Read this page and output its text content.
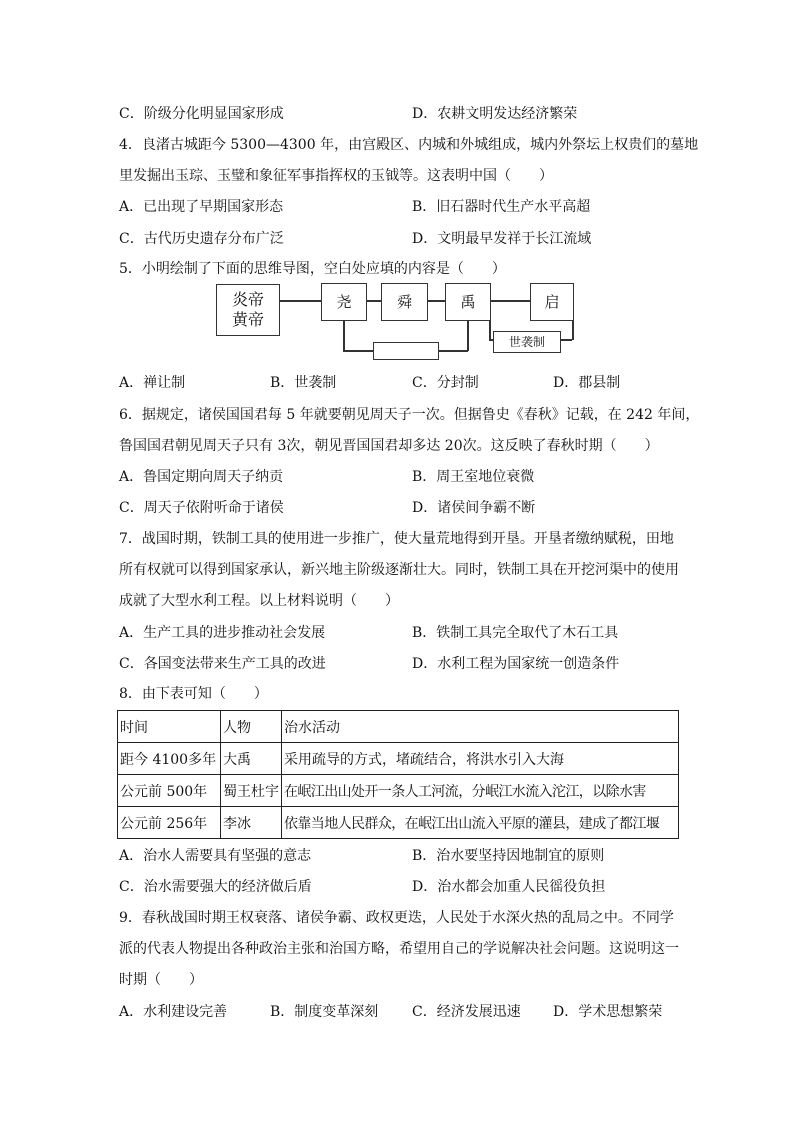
C．阶级分化明显国家形成	D．农耕文明发达经济繁荣
4．良渚古城距今 5300—4300 年，由宫殿区、内城和外城组成，城内外祭坛上权贵们的墓地
里发掘出玉琮、玉璧和象征军事指挥权的玉钺等。这表明中国（　　）
A．已出现了早期国家形态	B．旧石器时代生产水平高超
C．古代历史遗存分布广泛	D．文明最早发祥于长江流域
5．小明绘制了下面的思维导图，空白处应填的内容是（　　）
炎帝黄帝
尧	舜	禹	启
世袭制
A．禅让制	B．世袭制	C．分封制	D．郡县制
6．据规定，诸侯国国君每 5 年就要朝见周天子一次。但据鲁史《春秋》记载，在 242 年间，
鲁国国君朝见周天子只有 3次，朝见晋国国君却多达 20次。这反映了春秋时期（　　）
A．鲁国定期向周天子纳贡	B．周王室地位衰微
C．周天子依附听命于诸侯	D．诸侯间争霸不断
7．战国时期，铁制工具的使用进一步推广，使大量荒地得到开垦。开垦者缴纳赋税，田地
所有权就可以得到国家承认，新兴地主阶级逐渐壮大。同时，铁制工具在开挖河渠中的使用
成就了大型水利工程。以上材料说明（　　）
A．生产工具的进步推动社会发展	B．铁制工具完全取代了木石工具
C．各国变法带来生产工具的改进	D．水利工程为国家统一创造条件
8．由下表可知（　　）
时间	人物	治水活动
距今 4100多年	大禹	采用疏导的方式，堵疏结合，将洪水引入大海
公元前 500年	蜀王杜宇	在岷江出山处开一条人工河流，分岷江水流入沱江，以除水害
公元前 256年	李冰	依靠当地人民群众，在岷江出山流入平原的灌县，建成了都江堰
A．治水人需要具有坚强的意志	B．治水要坚持因地制宜的原则
C．治水需要强大的经济做后盾	D．治水都会加重人民徭役负担
9．春秋战国时期王权衰落、诸侯争霸、政权更迭，人民处于水深火热的乱局之中。不同学
派的代表人物提出各种政治主张和治国方略，希望用自己的学说解决社会问题。这说明这一
时期（　　）
A．水利建设完善	B．制度变革深刻 C．经济发展迅速 D．学术思想繁荣
